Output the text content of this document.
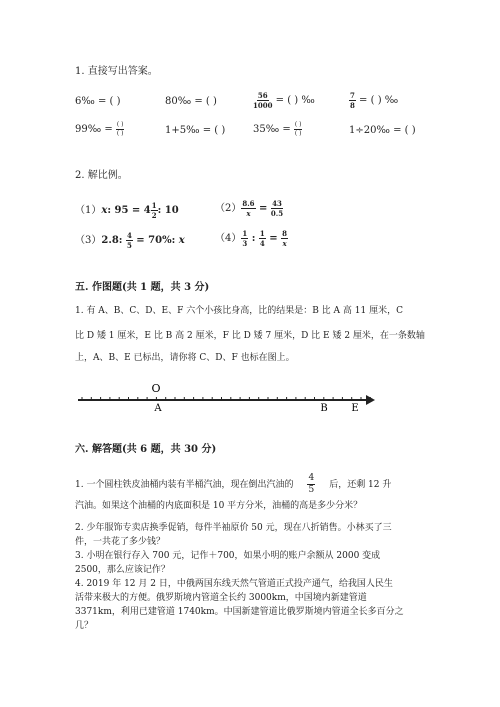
1. 直接写出答案。
6‰ = ( )	80‰ = ( )	$\frac{56}{1000}$ = ( ) ‰	$\frac{7}{8}$ = ( ) ‰
99‰ = $\frac{( )}{( )}$	1+5‰ = ( )	35‰ = $\frac{( )}{( )}$	1÷20‰ = ( )
2. 解比例。
（1）x: $95 = 4 \frac{1}{2}$ : 10	$(2) \frac{8.6}{x} = \frac{43}{0.5}$
（3）2.8: $\frac{4}{5} = 70\%$: x	$(4) \frac{1}{3}$ : $\frac{1}{4} = \frac{8}{x}$
五. 作图题(共 1 题，共 3 分)
1. 有 A、B、C、D、E、F 六个小孩比身高，比的结果是：B 比 A 高 11 厘米，C
比 D 矮 1 厘米，E 比 B 高 2 厘米，F 比 D 矮 7 厘米，D 比 E 矮 2 厘米，在一条数轴
上，A、B、E 已标出，请你将 C、D、F 也标在图上。
O
A	B E
六. 解答题(共 6 题，共 30 分)
1. 一个圆柱铁皮油桶内装有半桶汽油，现在倒出汽油的 $\frac{4}{5}$ 后，还剩 12 升
汽油。如果这个油桶的内底面积是 10 平方分米，油桶的高是多少分米？
2. 少年服饰专卖店换季促销，每件半袖原价 50 元，现在八折销售。小林买了三
件，一共花了多少钱？
3. 小明在银行存入 700 元，记作＋700，如果小明的账户余额从 2000 变成
2500，那么应该记作？
4. 2019 年 12 月 2 日，中俄两国东线天然气管道正式投产通气，给我国人民生
活带来极大的方便。俄罗斯境内管道全长约 3000km，中国境内新建管道
3371km，利用已建管道 1740km。中国新建管道比俄罗斯境内管道全长多百分之
几？
